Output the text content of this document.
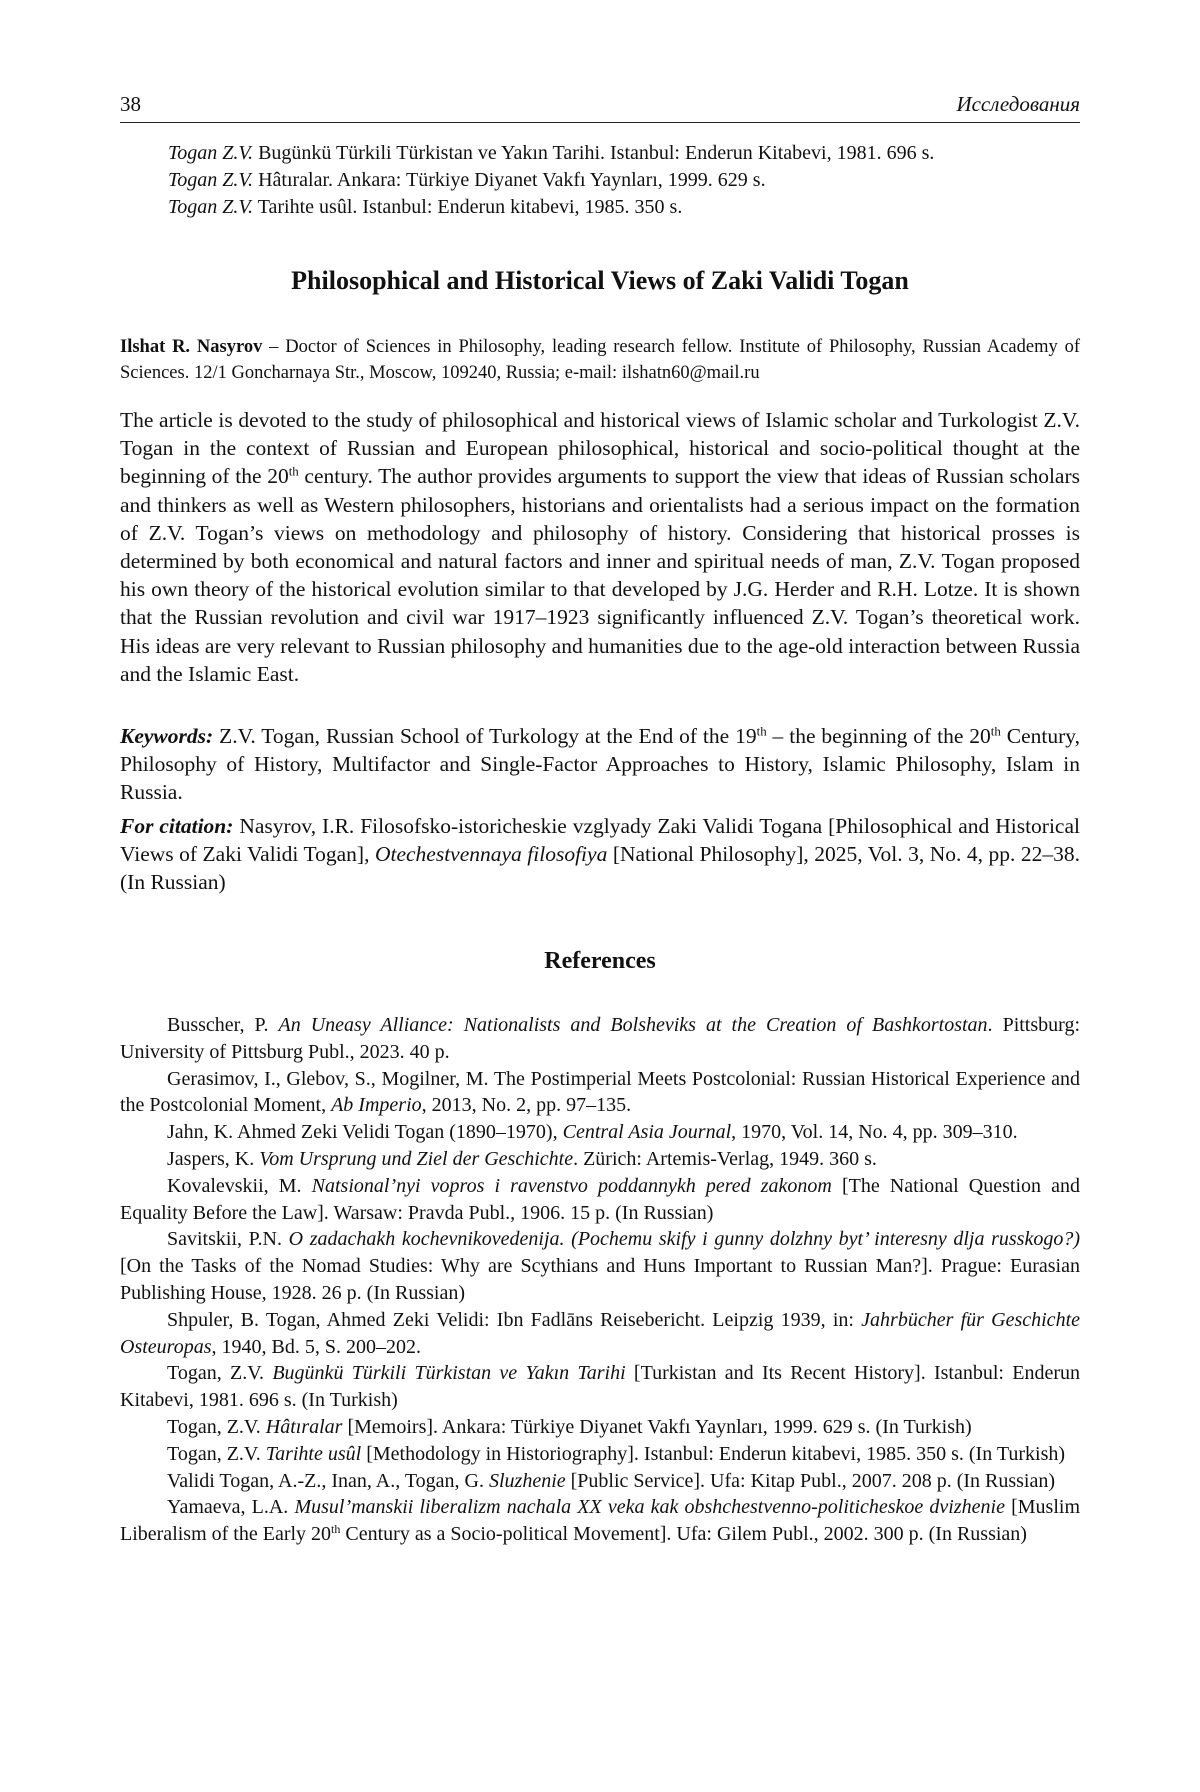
38	Исследования

Togan Z.V. Bugünkü Türkili Türkistan ve Yakın Tarihi. Istanbul: Enderun Kitabevi, 1981. 696 s.

Togan Z.V. Hâtıralar. Ankara: Türkiye Diyanet Vakfı Yaynları, 1999. 629 s.

Togan Z.V. Tarihte usûl. Istanbul: Enderun kitabevi, 1985. 350 s.

Philosophical and Historical Views of Zaki Validi Togan

Ilshat R. Nasyrov – Doctor of Sciences in Philosophy, leading research fellow. Institute of Philosophy, Russian Academy of Sciences. 12/1 Goncharnaya Str., Moscow, 109240, Russia; e-mail: ilshatn60@mail.ru

The article is devoted to the study of philosophical and historical views of Islamic scholar and Turkologist Z.V. Togan in the context of Russian and European philosophical, historical and socio-political thought at the beginning of the 20th century. The author provides arguments to support the view that ideas of Russian scholars and thinkers as well as Western philosophers, historians and orientalists had a serious impact on the formation of Z.V. Togan’s views on methodology and philosophy of history. Considering that historical prosses is determined by both economical and natural factors and inner and spiritual needs of man, Z.V. Togan proposed his own theory of the historical evolution similar to that developed by J.G. Herder and R.H. Lotze. It is shown that the Russian revolution and civil war 1917–1923 significantly influenced Z.V. Togan’s theoretical work. His ideas are very relevant to Russian philosophy and humanities due to the age-old interaction between Russia and the Islamic East.

Keywords: Z.V. Togan, Russian School of Turkology at the End of the 19th – the beginning of the 20th Century, Philosophy of History, Multifactor and Single-Factor Approaches to History, Islamic Philosophy, Islam in Russia.

For citation: Nasyrov, I.R. Filosofsko-istoricheskie vzglyady Zaki Validi Togana [Philosophical and Historical Views of Zaki Validi Togan], Otechestvennaya filosofiya [National Philosophy], 2025, Vol. 3, No. 4, pp. 22–38. (In Russian)

References
Busscher, P. An Uneasy Alliance: Nationalists and Bolsheviks at the Creation of Bashkortostan. Pittsburg: University of Pittsburg Publ., 2023. 40 p.
Gerasimov, I., Glebov, S., Mogilner, M. The Postimperial Meets Postcolonial: Russian Historical Experience and the Postcolonial Moment, Ab Imperio, 2013, No. 2, pp. 97–135.
Jahn, K. Ahmed Zeki Velidi Togan (1890–1970), Central Asia Journal, 1970, Vol. 14, No. 4, pp. 309–310.
Jaspers, K. Vom Ursprung und Ziel der Geschichte. Zürich: Artemis-Verlag, 1949. 360 s.
Kovalevskii, M. Natsional’nyi vopros i ravenstvo poddannykh pered zakonom [The National Question and Equality Before the Law]. Warsaw: Pravda Publ., 1906. 15 p. (In Russian)
Savitskii, P.N. O zadachakh kochevnikovedenija. (Pochemu skify i gunny dolzhny byt’ interesny dlja russkogo?) [On the Tasks of the Nomad Studies: Why are Scythians and Huns Important to Russian Man?]. Prague: Eurasian Publishing House, 1928. 26 p. (In Russian)
Shpuler, B. Togan, Ahmed Zeki Velidi: Ibn Fadlāns Reisebericht. Leipzig 1939, in: Jahrbücher für Geschichte Osteuropas, 1940, Bd. 5, S. 200–202.
Togan, Z.V. Bugünkü Türkili Türkistan ve Yakın Tarihi [Turkistan and Its Recent History]. Istanbul: Enderun Kitabevi, 1981. 696 s. (In Turkish)
Togan, Z.V. Hâtıralar [Memoirs]. Ankara: Türkiye Diyanet Vakfı Yaynları, 1999. 629 s. (In Turkish)
Togan, Z.V. Tarihte usûl [Methodology in Historiography]. Istanbul: Enderun kitabevi, 1985. 350 s. (In Turkish)
Validi Togan, A.-Z., Inan, A., Togan, G. Sluzhenie [Public Service]. Ufa: Kitap Publ., 2007. 208 p. (In Russian)
Yamaeva, L.A. Musul’manskii liberalizm nachala XX veka kak obshchestvenno-politicheskoe dvizhenie [Muslim Liberalism of the Early 20th Century as a Socio-political Movement]. Ufa: Gilem Publ., 2002. 300 p. (In Russian)
